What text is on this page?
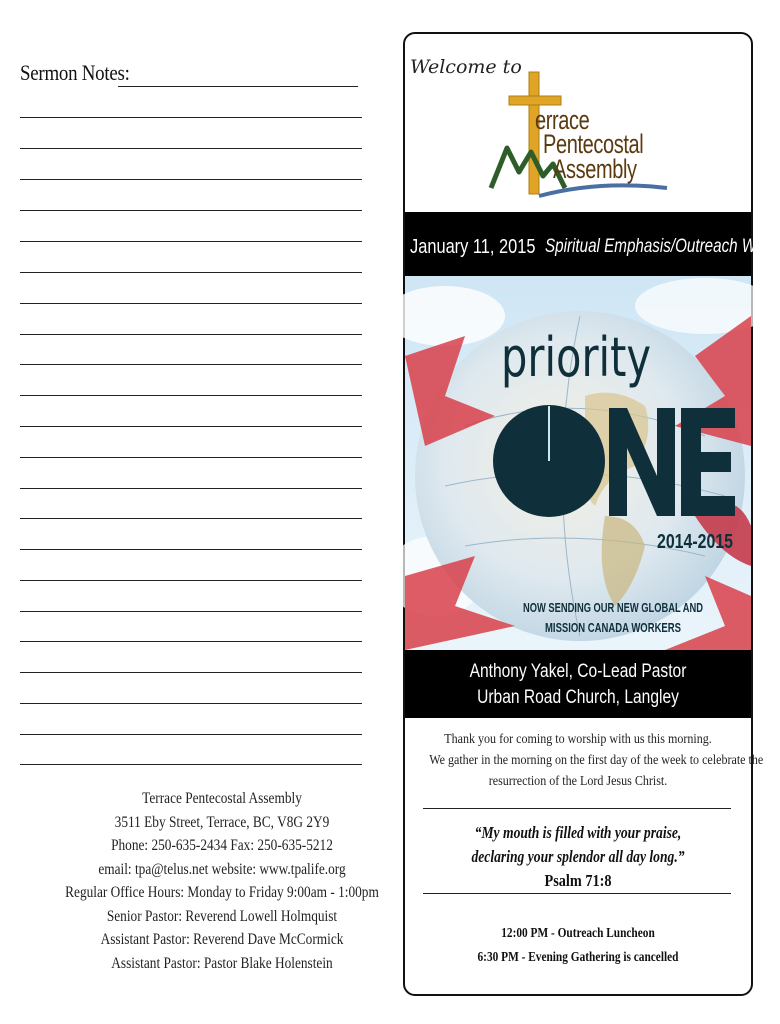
Sermon Notes:
Terrace Pentecostal Assembly
3511 Eby Street, Terrace, BC, V8G 2Y9
Phone: 250-635-2434 Fax: 250-635-5212
email: tpa@telus.net website: www.tpalife.org
Regular Office Hours: Monday to Friday 9:00am - 1:00pm
Senior Pastor: Reverend Lowell Holmquist
Assistant Pastor: Reverend Dave McCormick
Assistant Pastor: Pastor Blake Holenstein
Welcome to
errace
Pentecostal
Assembly
January 11, 2015 Spiritual Emphasis/Outreach Week
priority
2014-2015
NOW SENDING OUR NEW GLOBAL AND
MISSION CANADA WORKERS
Anthony Yakel, Co-Lead Pastor
Urban Road Church, Langley
Thank you for coming to worship with us this morning.
We gather in the morning on the first day of the week to celebrate the
resurrection of the Lord Jesus Christ.
“My mouth is filled with your praise,
declaring your splendor all day long.”
Psalm 71:8
12:00 PM - Outreach Luncheon
6:30 PM - Evening Gathering is cancelled
